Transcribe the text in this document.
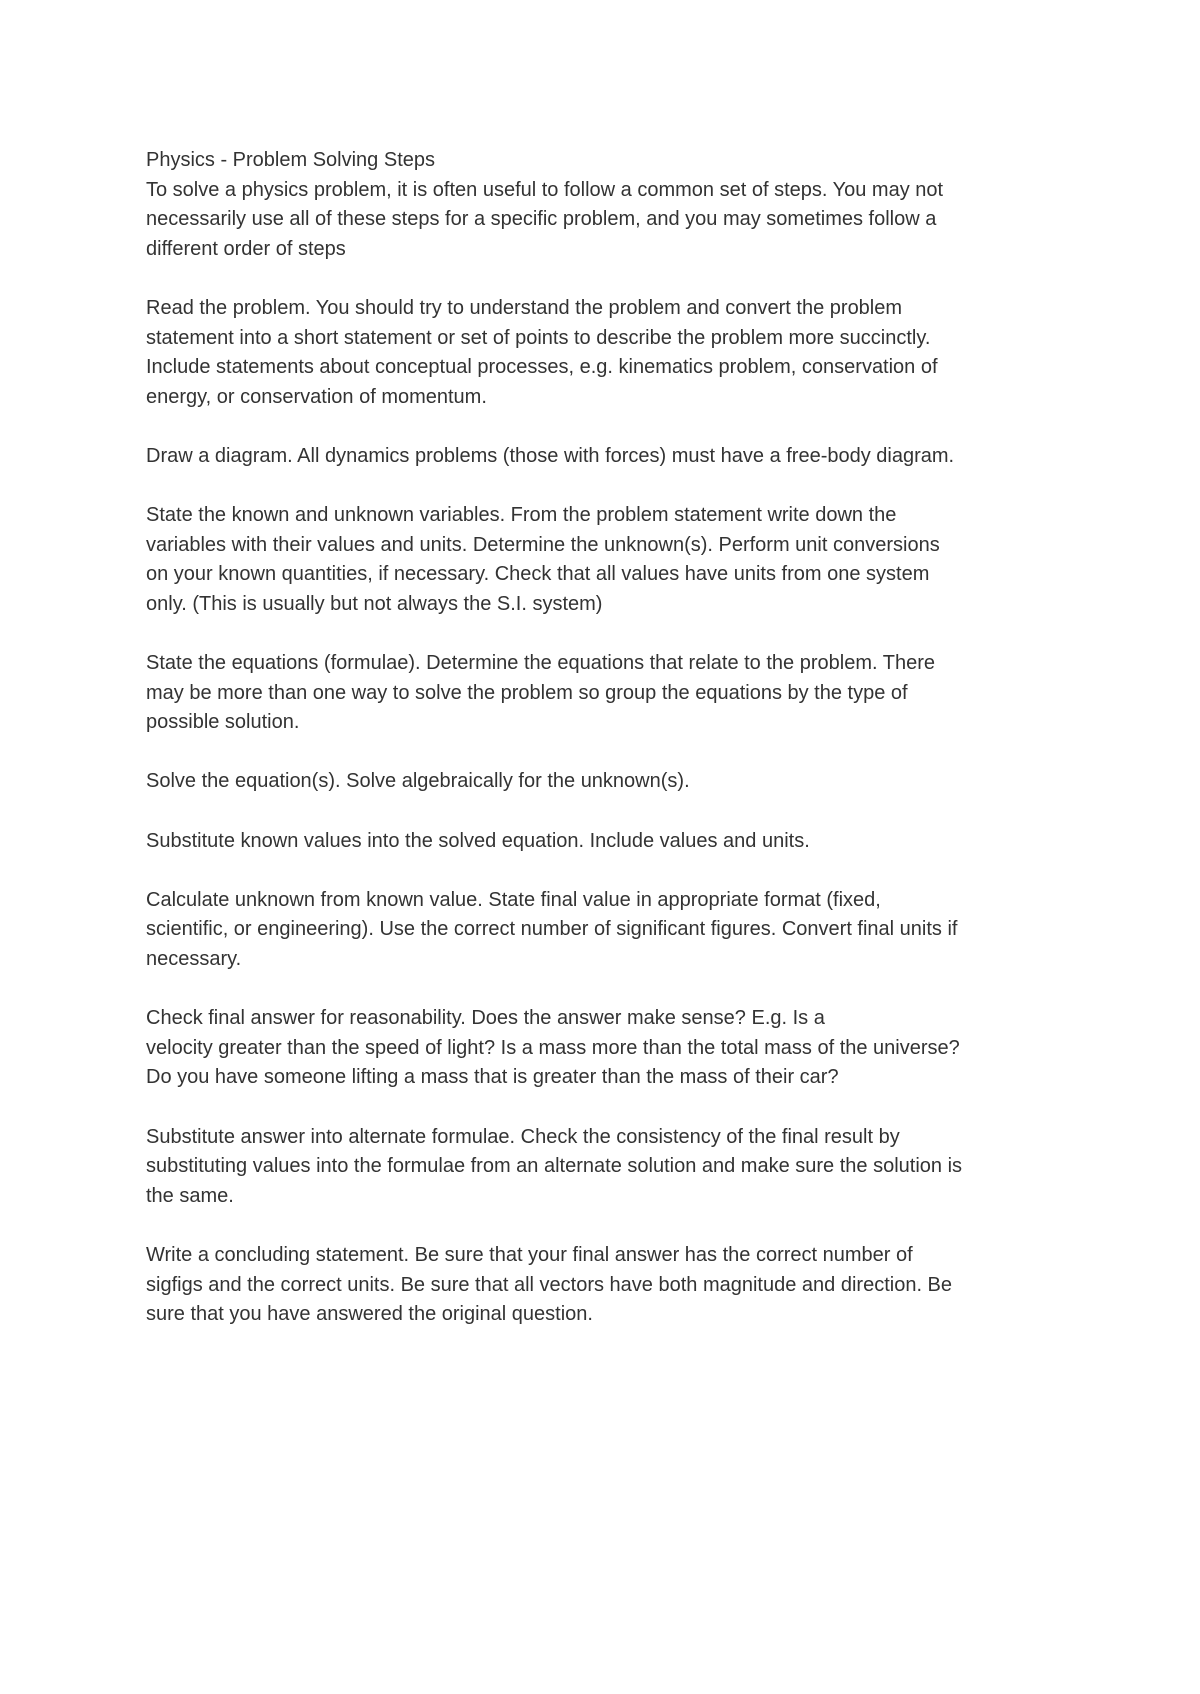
Physics - Problem Solving Steps

To solve a physics problem, it is often useful to follow a common set of steps. You may not
necessarily use all of these steps for a specific problem, and you may sometimes follow a
different order of steps

Read the problem. You should try to understand the problem and convert the problem
statement into a short statement or set of points to describe the problem more succinctly.
Include statements about conceptual processes, e.g. kinematics problem, conservation of
energy, or conservation of momentum.

Draw a diagram. All dynamics problems (those with forces) must have a free-body diagram.

State the known and unknown variables. From the problem statement write down the
variables with their values and units. Determine the unknown(s). Perform unit conversions
on your known quantities, if necessary. Check that all values have units from one system
only. (This is usually but not always the S.I. system)

State the equations (formulae). Determine the equations that relate to the problem. There
may be more than one way to solve the problem so group the equations by the type of
possible solution.

Solve the equation(s). Solve algebraically for the unknown(s).

Substitute known values into the solved equation. Include values and units.

Calculate unknown from known value. State final value in appropriate format (fixed,
scientific, or engineering). Use the correct number of significant figures. Convert final units if
necessary.

Check final answer for reasonability. Does the answer make sense? E.g. Is a
velocity greater than the speed of light? Is a mass more than the total mass of the universe?
Do you have someone lifting a mass that is greater than the mass of their car?

Substitute answer into alternate formulae. Check the consistency of the final result by
substituting values into the formulae from an alternate solution and make sure the solution is
the same.

Write a concluding statement. Be sure that your final answer has the correct number of
sigfigs and the correct units. Be sure that all vectors have both magnitude and direction. Be
sure that you have answered the original question.
